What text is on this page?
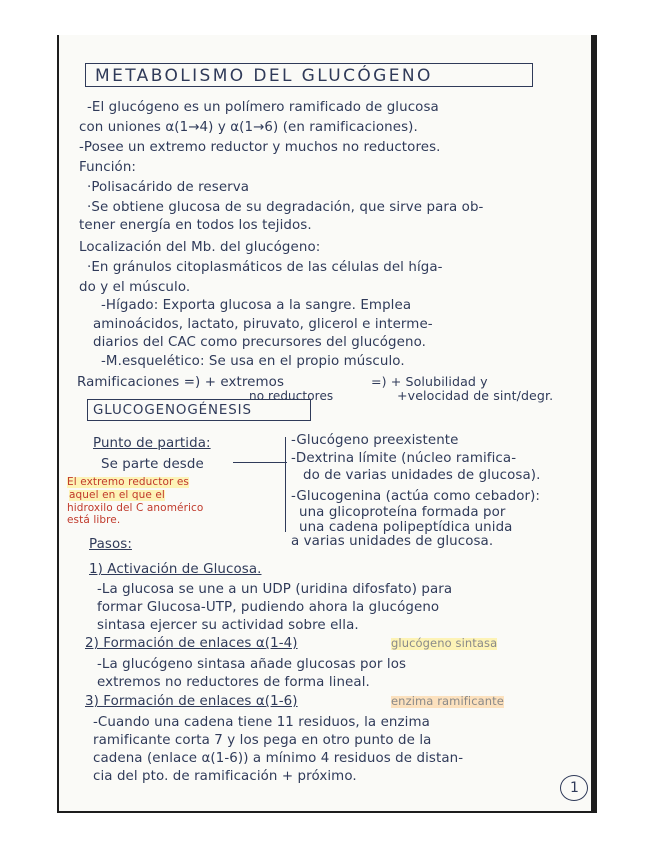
METABOLISMO DEL GLUCÓGENO
-El glucógeno es un polímero ramificado de glucosa
con uniones α(1→4) y α(1→6) (en ramificaciones).
-Posee un extremo reductor y muchos no reductores.
Función:
·Polisacárido de reserva
·Se obtiene glucosa de su degradación, que sirve para ob-
tener energía en todos los tejidos.
Localización del Mb. del glucógeno:
·En gránulos citoplasmáticos de las células del híga-
do y el músculo.
-Hígado: Exporta glucosa a la sangre. Emplea
aminoácidos, lactato, piruvato, glicerol e interme-
diarios del CAC como precursores del glucógeno.
-M.esquelético: Se usa en el propio músculo.
Ramificaciones =) + extremos
no reductores
=) + Solubilidad y
+velocidad de sint/degr.
GLUCOGENOGÉNESIS
Punto de partida:
Se parte desde
-Glucógeno preexistente
-Dextrina límite (núcleo ramifica-
do de varias unidades de glucosa).
-Glucogenina (actúa como cebador):
una glicoproteína formada por
una cadena polipeptídica unida
a varias unidades de glucosa.
El extremo reductor es
aquel en el que el
hidroxilo del C anomérico
está libre.
Pasos:
1) Activación de Glucosa.
-La glucosa se une a un UDP (uridina difosfato) para
formar Glucosa-UTP, pudiendo ahora la glucógeno
sintasa ejercer su actividad sobre ella.
2) Formación de enlaces α(1-4)	glucógeno sintasa
-La glucógeno sintasa añade glucosas por los
extremos no reductores de forma lineal.
3) Formación de enlaces α(1-6)	enzima ramificante
-Cuando una cadena tiene 11 residuos, la enzima
ramificante corta 7 y los pega en otro punto de la
cadena (enlace α(1-6)) a mínimo 4 residuos de distan-
cia del pto. de ramificación + próximo.
1
